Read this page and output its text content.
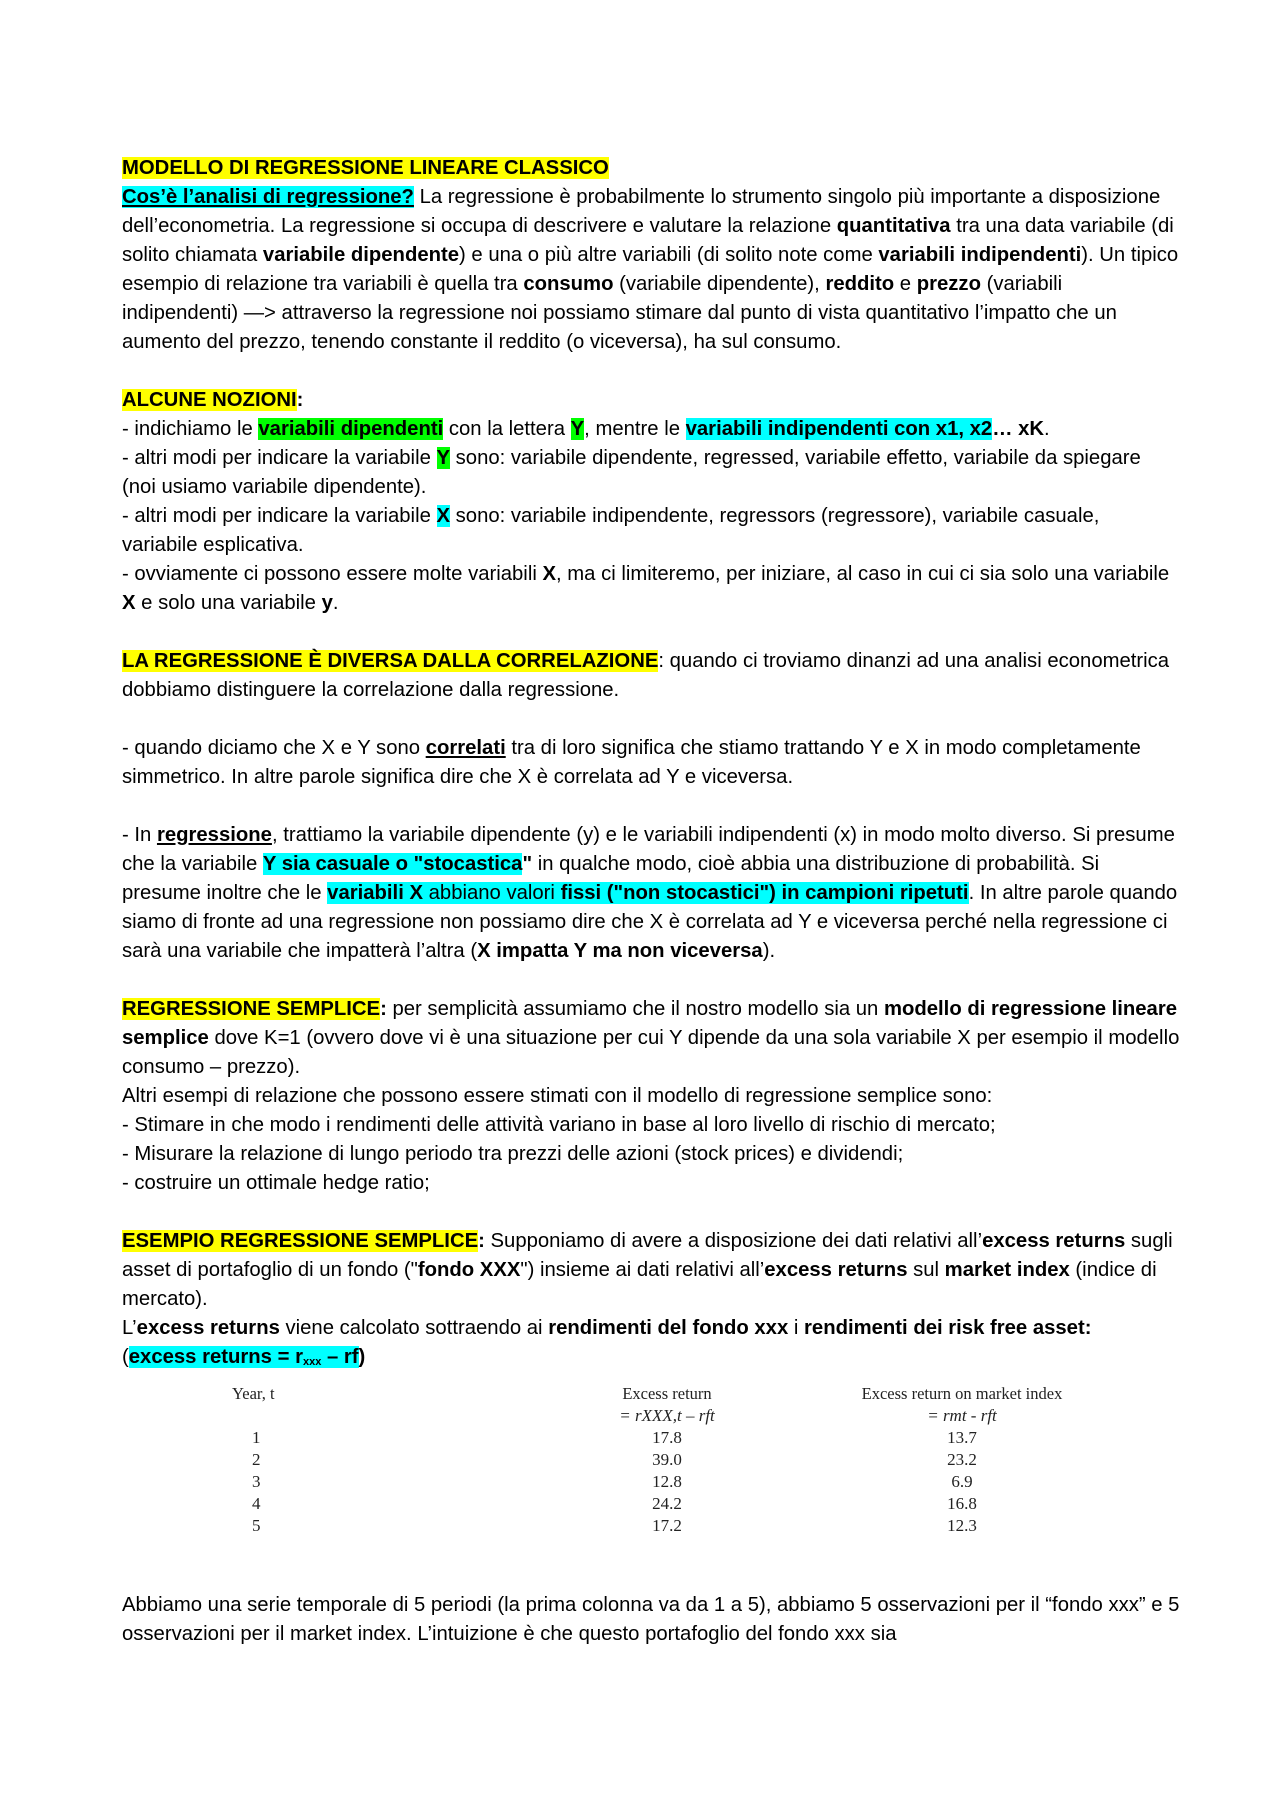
MODELLO DI REGRESSIONE LINEARE CLASSICO

Cos’è l’analisi di regressione? La regressione è probabilmente lo strumento singolo più importante a disposizione dell’econometria. La regressione si occupa di descrivere e valutare la relazione quantitativa tra una data variabile (di solito chiamata variabile dipendente) e una o più altre variabili (di solito note come variabili indipendenti). Un tipico esempio di relazione tra variabili è quella tra consumo (variabile dipendente), reddito e prezzo (variabili indipendenti) —> attraverso la regressione noi possiamo stimare dal punto di vista quantitativo l’impatto che un aumento del prezzo, tenendo constante il reddito (o viceversa), ha sul consumo.

ALCUNE NOZIONI:

- indichiamo le variabili dipendenti con la lettera Y, mentre le variabili indipendenti con x1, x2… xK.

- altri modi per indicare la variabile Y sono: variabile dipendente, regressed, variabile effetto, variabile da spiegare (noi usiamo variabile dipendente).

- altri modi per indicare la variabile X sono: variabile indipendente, regressors (regressore), variabile casuale, variabile esplicativa.

- ovviamente ci possono essere molte variabili X, ma ci limiteremo, per iniziare, al caso in cui ci sia solo una variabile X e solo una variabile y.

LA REGRESSIONE È DIVERSA DALLA CORRELAZIONE: quando ci troviamo dinanzi ad una analisi econometrica dobbiamo distinguere la correlazione dalla regressione.

- quando diciamo che X e Y sono correlati tra di loro significa che stiamo trattando Y e X in modo completamente simmetrico. In altre parole significa dire che X è correlata ad Y e viceversa.

- In regressione, trattiamo la variabile dipendente (y) e le variabili indipendenti (x) in modo molto diverso. Si presume che la variabile Y sia casuale o "stocastica" in qualche modo, cioè abbia una distribuzione di probabilità. Si presume inoltre che le variabili X abbiano valori fissi ("non stocastici") in campioni ripetuti. In altre parole quando siamo di fronte ad una regressione non possiamo dire che X è correlata ad Y e viceversa perché nella regressione ci sarà una variabile che impatterà l’altra (X impatta Y ma non viceversa).

REGRESSIONE SEMPLICE: per semplicità assumiamo che il nostro modello sia un modello di regressione lineare semplice dove K=1 (ovvero dove vi è una situazione per cui Y dipende da una sola variabile X per esempio il modello consumo – prezzo).

Altri esempi di relazione che possono essere stimati con il modello di regressione semplice sono:

- Stimare in che modo i rendimenti delle attività variano in base al loro livello di rischio di mercato;

- Misurare la relazione di lungo periodo tra prezzi delle azioni (stock prices) e dividendi;

- costruire un ottimale hedge ratio;

ESEMPIO REGRESSIONE SEMPLICE: Supponiamo di avere a disposizione dei dati relativi all’excess returns sugli asset di portafoglio di un fondo ("fondo XXX") insieme ai dati relativi all’excess returns sul market index (indice di mercato).

L’excess returns viene calcolato sottraendo ai rendimenti del fondo xxx i rendimenti dei risk free asset:

(excess returns = $r_{xxx} - rf$)

Year, t	Excess return	Excess return on market index
	= rXXX,t – rft	= rmt - rft
1	17.8	13.7
2	39.0	23.2
3	12.8	6.9
4	24.2	16.8
5	17.2	12.3

Abbiamo una serie temporale di 5 periodi (la prima colonna va da 1 a 5), abbiamo 5 osservazioni per il “fondo xxx” e 5 osservazioni per il market index. L’intuizione è che questo portafoglio del fondo xxx sia
